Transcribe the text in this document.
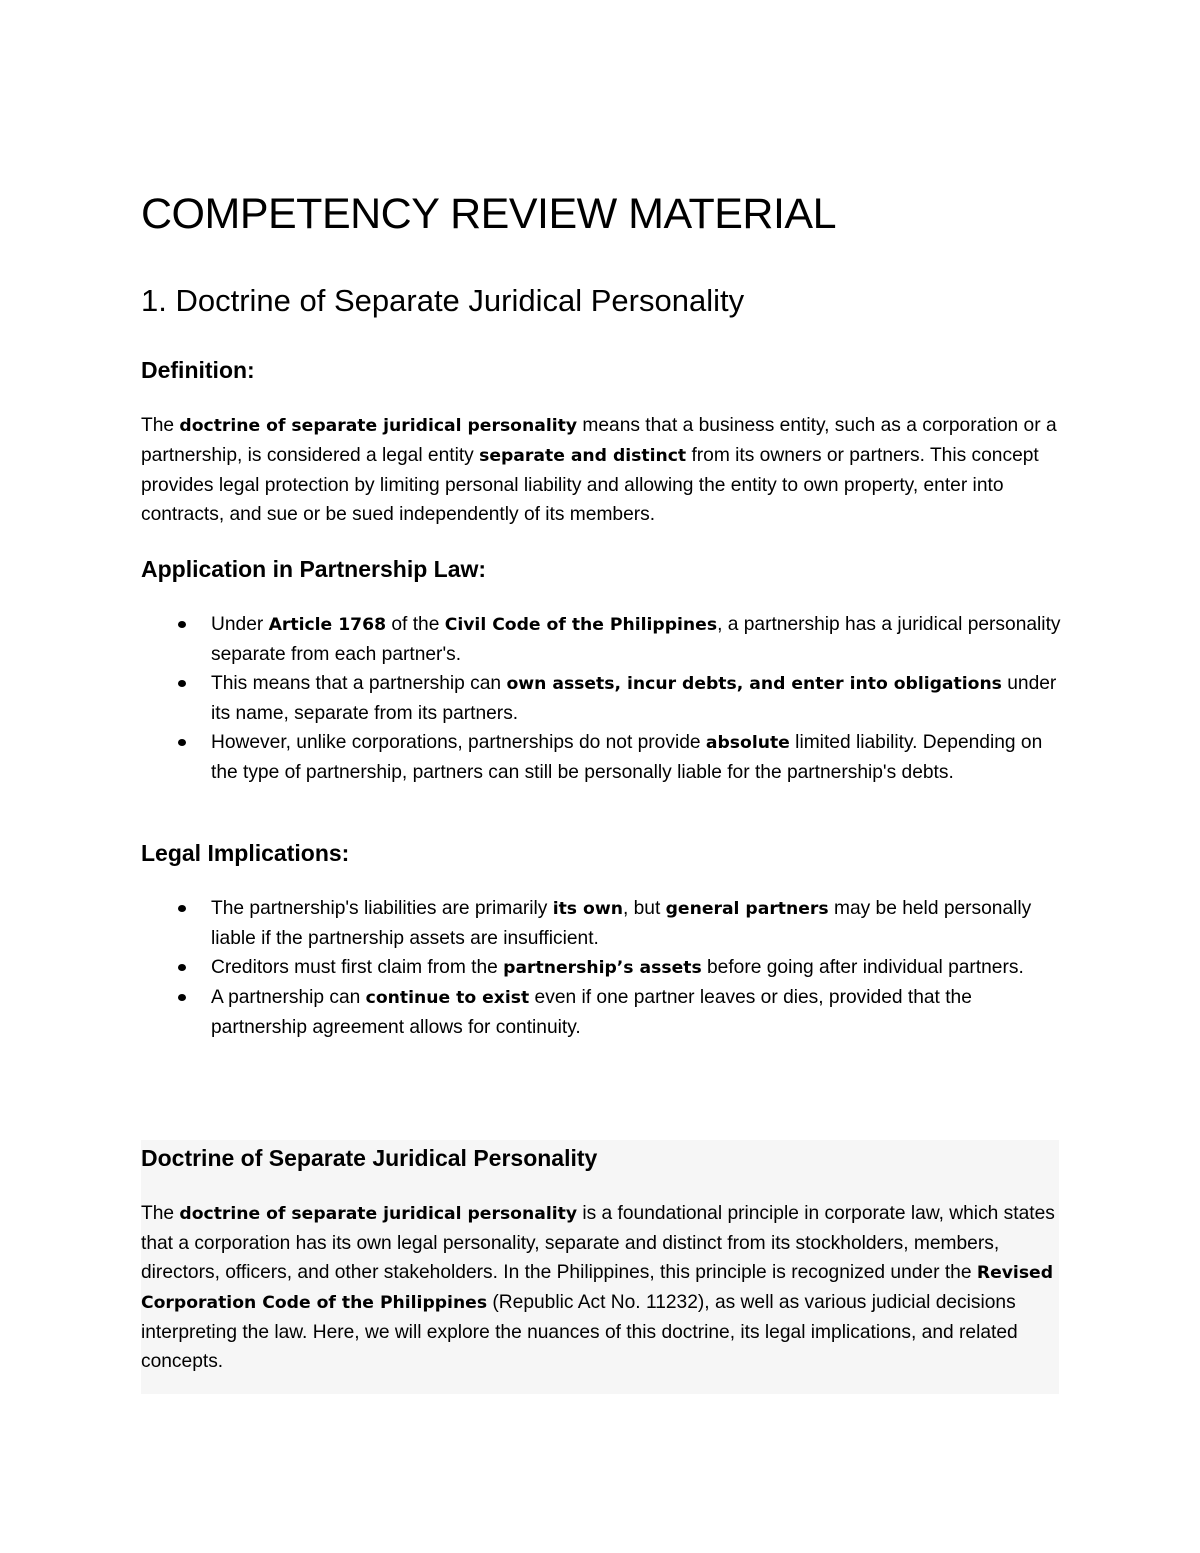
COMPETENCY REVIEW MATERIAL
1. Doctrine of Separate Juridical Personality
Definition:

The doctrine of separate juridical personality means that a business entity, such as a corporation or a partnership, is considered a legal entity separate and distinct from its owners or partners. This concept provides legal protection by limiting personal liability and allowing the entity to own property, enter into contracts, and sue or be sued independently of its members.

Application in Partnership Law:
Under Article 1768 of the Civil Code of the Philippines, a partnership has a juridical personality separate from each partner's.
This means that a partnership can own assets, incur debts, and enter into obligations under its name, separate from its partners.
However, unlike corporations, partnerships do not provide absolute limited liability. Depending on the type of partnership, partners can still be personally liable for the partnership's debts.
Legal Implications:
The partnership's liabilities are primarily its own, but general partners may be held personally liable if the partnership assets are insufficient.
Creditors must first claim from the partnership’s assets before going after individual partners.
A partnership can continue to exist even if one partner leaves or dies, provided that the partnership agreement allows for continuity.
Doctrine of Separate Juridical Personality

The doctrine of separate juridical personality is a foundational principle in corporate law, which states that a corporation has its own legal personality, separate and distinct from its stockholders, members, directors, officers, and other stakeholders. In the Philippines, this principle is recognized under the Revised Corporation Code of the Philippines (Republic Act No. 11232), as well as various judicial decisions interpreting the law. Here, we will explore the nuances of this doctrine, its legal implications, and related concepts.
